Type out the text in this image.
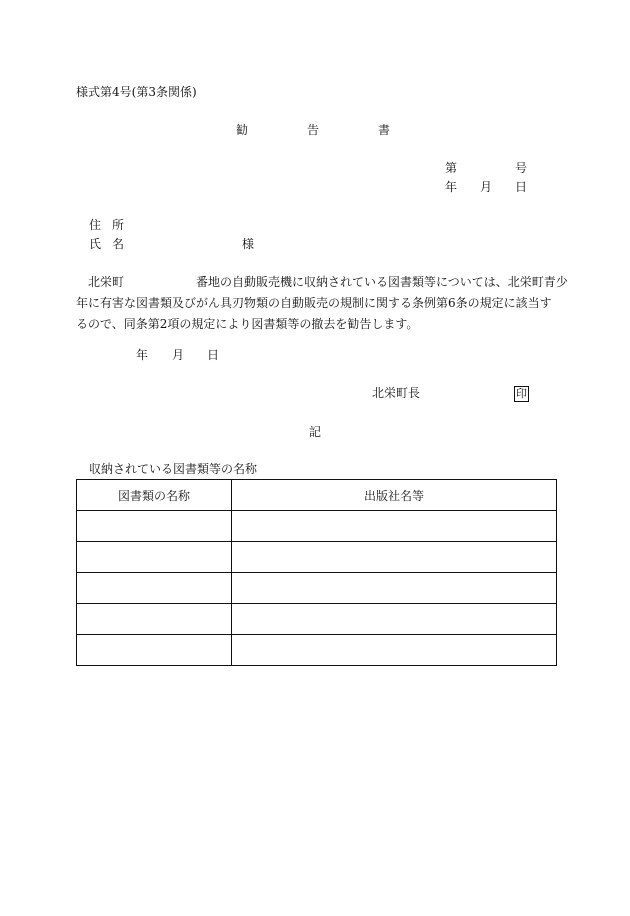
様式第4号(第3条関係)
勧	告	書
第	号
年 月 日
住 所
氏 名	様
北栄町	番地の自動販売機に収納されている図書類等については、北栄町青少
年に有害な図書類及びがん具刃物類の自動販売の規制に関する条例第6条の規定に該当す
るので、同条第2項の規定により図書類等の撤去を勧告します。
年 月 日
北栄町長	印
記
収納されている図書類等の名称
図書類の名称	出版社名等
